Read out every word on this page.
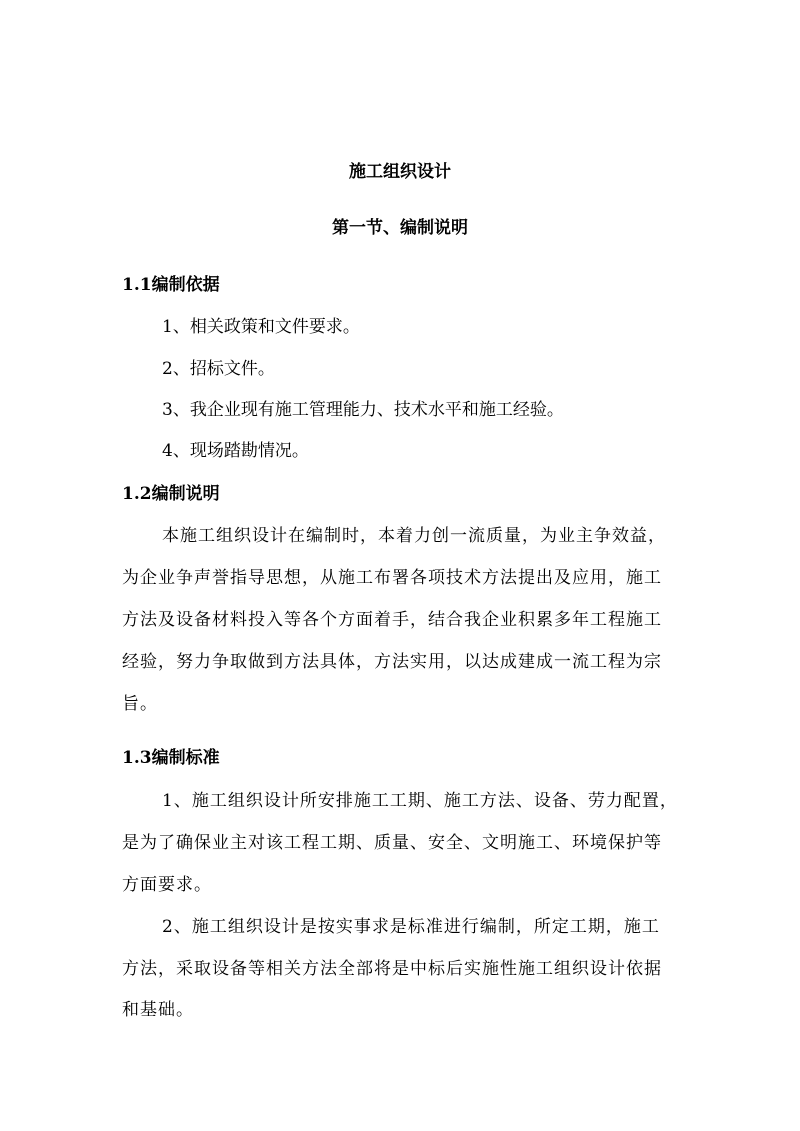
施工组织设计
第一节、编制说明
1.1编制依据
1、相关政策和文件要求。
2、招标文件。
3、我企业现有施工管理能力、技术水平和施工经验。
4、现场踏勘情况。
1.2编制说明
本施工组织设计在编制时，本着力创一流质量，为业主争效益，
为企业争声誉指导思想，从施工布署各项技术方法提出及应用，施工
方法及设备材料投入等各个方面着手，结合我企业积累多年工程施工
经验，努力争取做到方法具体，方法实用，以达成建成一流工程为宗
旨。
1.3编制标准
1、施工组织设计所安排施工工期、施工方法、设备、劳力配置，
是为了确保业主对该工程工期、质量、安全、文明施工、环境保护等
方面要求。
2、施工组织设计是按实事求是标准进行编制，所定工期，施工
方法，采取设备等相关方法全部将是中标后实施性施工组织设计依据
和基础。
